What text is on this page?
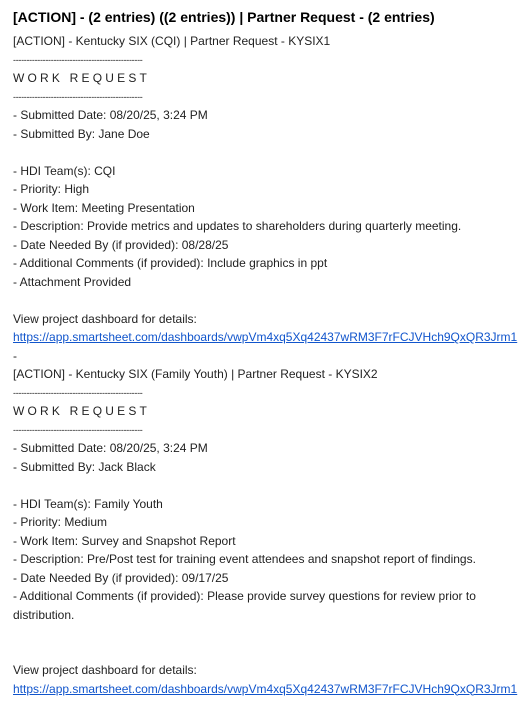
[ACTION] - (2 entries) ((2 entries)) | Partner Request - (2 entries)
[ACTION] - Kentucky SIX (CQI) | Partner Request - KYSIX1
------------------------------------------------
WORK REQUEST
------------------------------------------------
- Submitted Date: 08/20/25, 3:24 PM
- Submitted By: Jane Doe
- HDI Team(s): CQI
- Priority: High
- Work Item: Meeting Presentation
- Description: Provide metrics and updates to shareholders during quarterly meeting.
- Date Needed By (if provided): 08/28/25
- Additional Comments (if provided): Include graphics in ppt
- Attachment Provided
View project dashboard for details:
https://app.smartsheet.com/dashboards/vwpVm4xq5Xq42437wRM3F7rFCJVHch9QxQR3Jrm1
-
[ACTION] - Kentucky SIX (Family Youth) | Partner Request - KYSIX2
------------------------------------------------
WORK REQUEST
------------------------------------------------
- Submitted Date: 08/20/25, 3:24 PM
- Submitted By: Jack Black
- HDI Team(s): Family Youth
- Priority: Medium
- Work Item: Survey and Snapshot Report
- Description: Pre/Post test for training event attendees and snapshot report of findings.
- Date Needed By (if provided): 09/17/25
- Additional Comments (if provided): Please provide survey questions for review prior to distribution.
View project dashboard for details:
https://app.smartsheet.com/dashboards/vwpVm4xq5Xq42437wRM3F7rFCJVHch9QxQR3Jrm1
